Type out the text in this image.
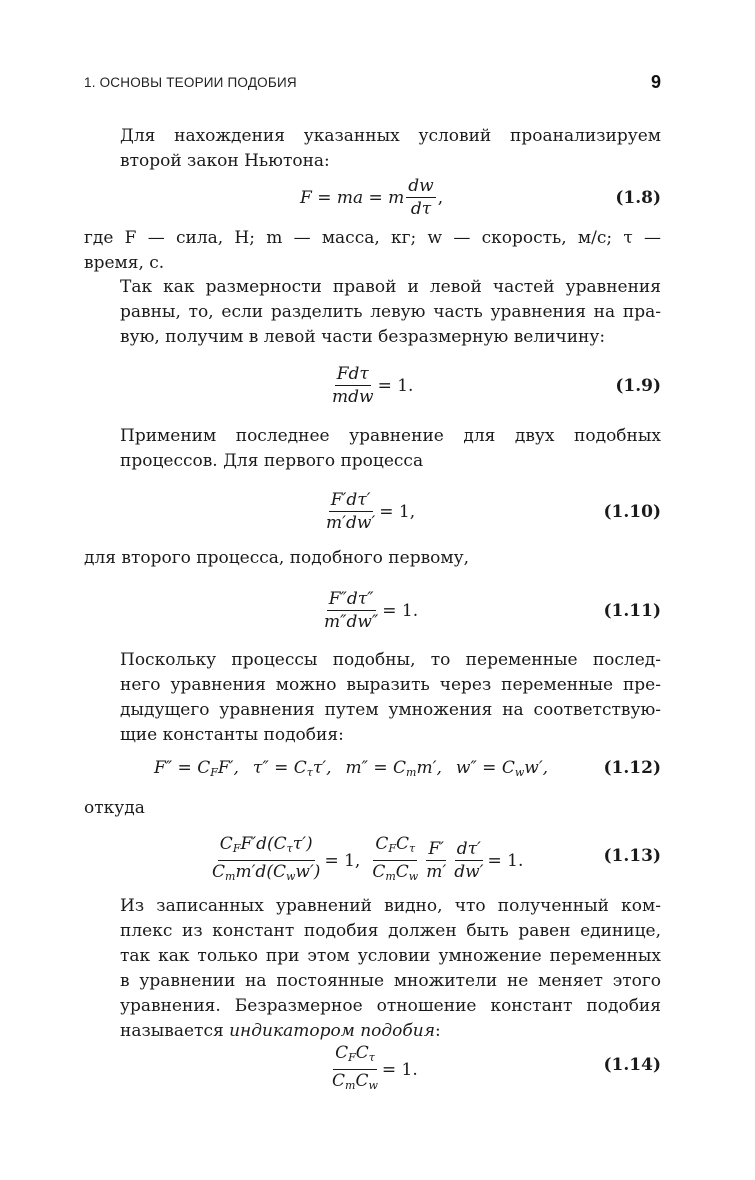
1. ОСНОВЫ ТЕОРИИ ПОДОБИЯ	9
Для нахождения указанных условий проанализируем
второй закон Ньютона:
F = ma = m $\frac{dw}{d\tau}$ ,	(1.8)
где F — сила, Н; m — масса, кг; w — скорость, м/с; τ —
время, с.
Так как размерности правой и левой частей уравнения
равны, то, если разделить левую часть уравнения на пра-
вую, получим в левой части безразмерную величину:
$\frac{\text{Fdτ}}{\text{mdw}} = 1$.	(1.9)
Применим последнее уравнение для двух подобных
процессов. Для первого процесса
$\frac{F'd\tau'}{m'dw'} = 1$,	(1.10)
для второго процесса, подобного первому,
$\frac{F''d\tau''}{m''dw''} = 1$.	(1.11)
Поскольку процессы подобны, то переменные послед-
него уравнения можно выразить через переменные пре-
дыдущего уравнения путем умножения на соответствую-
щие константы подобия:
$F'' = C_FF'$, $\tau'' = C_\tau\tau'$, $m'' = C_mm'$, $w'' = C_ww'$,	(1.12)
откуда
$\frac{C_FF'd(C_\tau\tau')}{C_mm'd(C_ww')} = 1$, $\frac{C_FC_\tau}{C_mC_w} \frac{F'}{m'} \frac{d\tau'}{dw'} = 1$.	(1.13)
Из записанных уравнений видно, что полученный ком-
плекс из констант подобия должен быть равен единице,
так как только при этом условии умножение переменных
в уравнении на постоянные множители не меняет этого
уравнения. Безразмерное отношение констант подобия
называется индикатором подобия:
$\frac{C_FC_\tau}{C_mC_w} = 1$.	(1.14)
